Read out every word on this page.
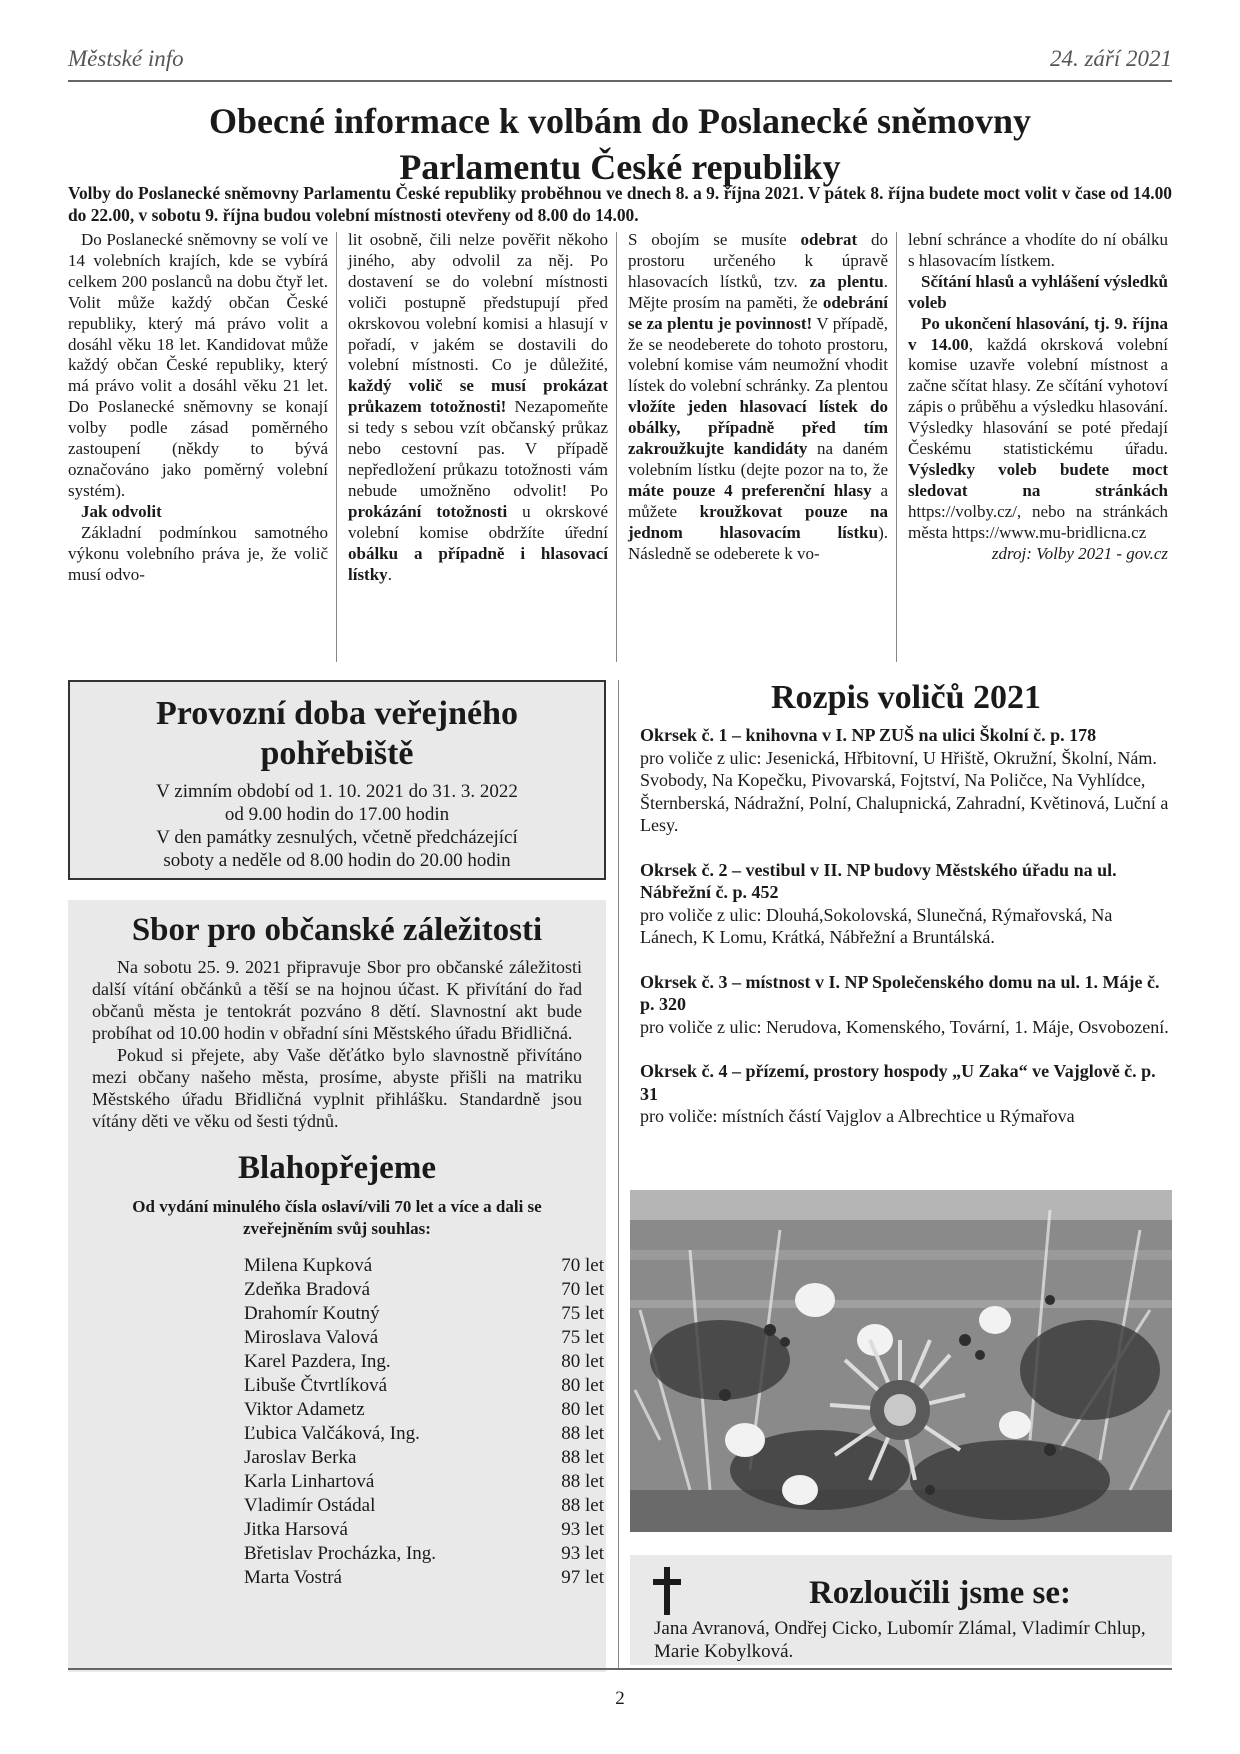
Městské info	24. září 2021
Obecné informace k volbám do Poslanecké sněmovny
Parlamentu České republiky
Volby do Poslanecké sněmovny Parlamentu České republiky proběhnou ve dnech 8. a 9. října 2021. V pátek 8. října budete moct volit v čase od 14.00 do 22.00, v sobotu 9. října budou volební místnosti otevřeny od 8.00 do 14.00.

Do Poslanecké sněmovny se volí ve 14 volebních krajích, kde se vybírá celkem 200 poslanců na dobu čtyř let. Volit může každý občan České republiky, který má právo volit a dosáhl věku 18 let. Kandidovat může každý občan České republiky, který má právo volit a dosáhl věku 21 let. Do Poslanecké sněmovny se konají volby podle zásad poměrného zastoupení (někdy to bývá označováno jako poměrný volební systém).

Jak odvolit

Základní podmínkou samotného výkonu volebního práva je, že volič musí odvo-

lit osobně, čili nelze pověřit někoho jiného, aby odvolil za něj. Po dostavení se do volební místnosti voliči postupně předstupují před okrskovou volební komisi a hlasují v pořadí, v jakém se dostavili do volební místnosti. Co je důležité, každý volič se musí prokázat průkazem totožnosti! Nezapomeňte si tedy s sebou vzít občanský průkaz nebo cestovní pas. V případě nepředložení průkazu totožnosti vám nebude umožněno odvolit! Po prokázání totožnosti u okrskové volební komise obdržíte úřední obálku a případně i hlasovací lístky.

S obojím se musíte odebrat do prostoru určeného k úpravě hlasovacích lístků, tzv. za plentu. Mějte prosím na paměti, že odebrání se za plentu je povinnost! V případě, že se neodeberete do tohoto prostoru, volební komise vám neumožní vhodit lístek do volební schránky. Za plentou vložíte jeden hlasovací lístek do obálky, případně před tím zakroužkujte kandidáty na daném volebním lístku (dejte pozor na to, že máte pouze 4 preferenční hlasy a můžete kroužkovat pouze na jednom hlasovacím lístku). Následně se odeberete k vo-

lební schránce a vhodíte do ní obálku s hlasovacím lístkem.

Sčítání hlasů a vyhlášení výsledků voleb

Po ukončení hlasování, tj. 9. října v 14.00, každá okrsková volební komise uzavře volební místnost a začne sčítat hlasy. Ze sčítání vyhotoví zápis o průběhu a výsledku hlasování. Výsledky hlasování se poté předají Českému statistickému úřadu. Výsledky voleb budete moct sledovat na stránkách https://volby.cz/, nebo na stránkách města https://www.mu-bridlicna.cz

zdroj: Volby 2021 - gov.cz
Provozní doba veřejného
pohřebiště
V zimním období od 1. 10. 2021 do 31. 3. 2022
od 9.00 hodin do 17.00 hodin
V den památky zesnulých, včetně předcházející
soboty a neděle od 8.00 hodin do 20.00 hodin
Sbor pro občanské záležitosti

Na sobotu 25. 9. 2021 připravuje Sbor pro občanské záležitosti další vítání občánků a těší se na hojnou účast. K přivítání do řad občanů města je tentokrát pozváno 8 dětí. Slavnostní akt bude probíhat od 10.00 hodin v obřadní síni Městského úřadu Břidličná.

Pokud si přejete, aby Vaše děťátko bylo slavnostně přivítáno mezi občany našeho města, prosíme, abyste přišli na matriku Městského úřadu Břidličná vyplnit přihlášku. Standardně jsou vítány děti ve věku od šesti týdnů.

Blahopřejeme
Od vydání minulého čísla oslaví/vili 70 let a více a dali se
zveřejněním svůj souhlas:
Milena Kupková	70 let
Zdeňka Bradová	70 let
Drahomír Koutný	75 let
Miroslava Valová	75 let
Karel Pazdera, Ing.	80 let
Libuše Čtvrtlíková	80 let
Viktor Adametz	80 let
Ľubica Valčáková, Ing.	88 let
Jaroslav Berka	88 let
Karla Linhartová	88 let
Vladimír Ostádal	88 let
Jitka Harsová	93 let
Břetislav Procházka, Ing.	93 let
Marta Vostrá	97 let
Rozpis voličů 2021
Okrsek č. 1 – knihovna v I. NP ZUŠ na ulici Školní č. p. 178
pro voliče z ulic: Jesenická, Hřbitovní, U Hřiště, Okružní, Školní, Nám. Svobody, Na Kopečku, Pivovarská, Fojtství, Na Poličce, Na Vyhlídce, Šternberská, Nádražní, Polní, Chalupnická, Zahradní, Květinová, Luční a Lesy.
Okrsek č. 2 – vestibul v II. NP budovy Městského úřadu na ul. Nábřežní č. p. 452
pro voliče z ulic: Dlouhá,Sokolovská, Slunečná, Rýmařovská, Na Lánech, K Lomu, Krátká, Nábřežní a Bruntálská.
Okrsek č. 3 – místnost v I. NP Společenského domu na ul. 1. Máje č. p. 320
pro voliče z ulic: Nerudova, Komenského, Tovární, 1. Máje, Osvobození.
Okrsek č. 4 – přízemí, prostory hospody „U Zaka“ ve Vajglově č. p. 31
pro voliče: místních částí Vajglov a Albrechtice u Rýmařova
Rozloučili jsme se:
Jana Avranová, Ondřej Cicko, Lubomír Zlámal, Vladimír Chlup, Marie Kobylková.
2
